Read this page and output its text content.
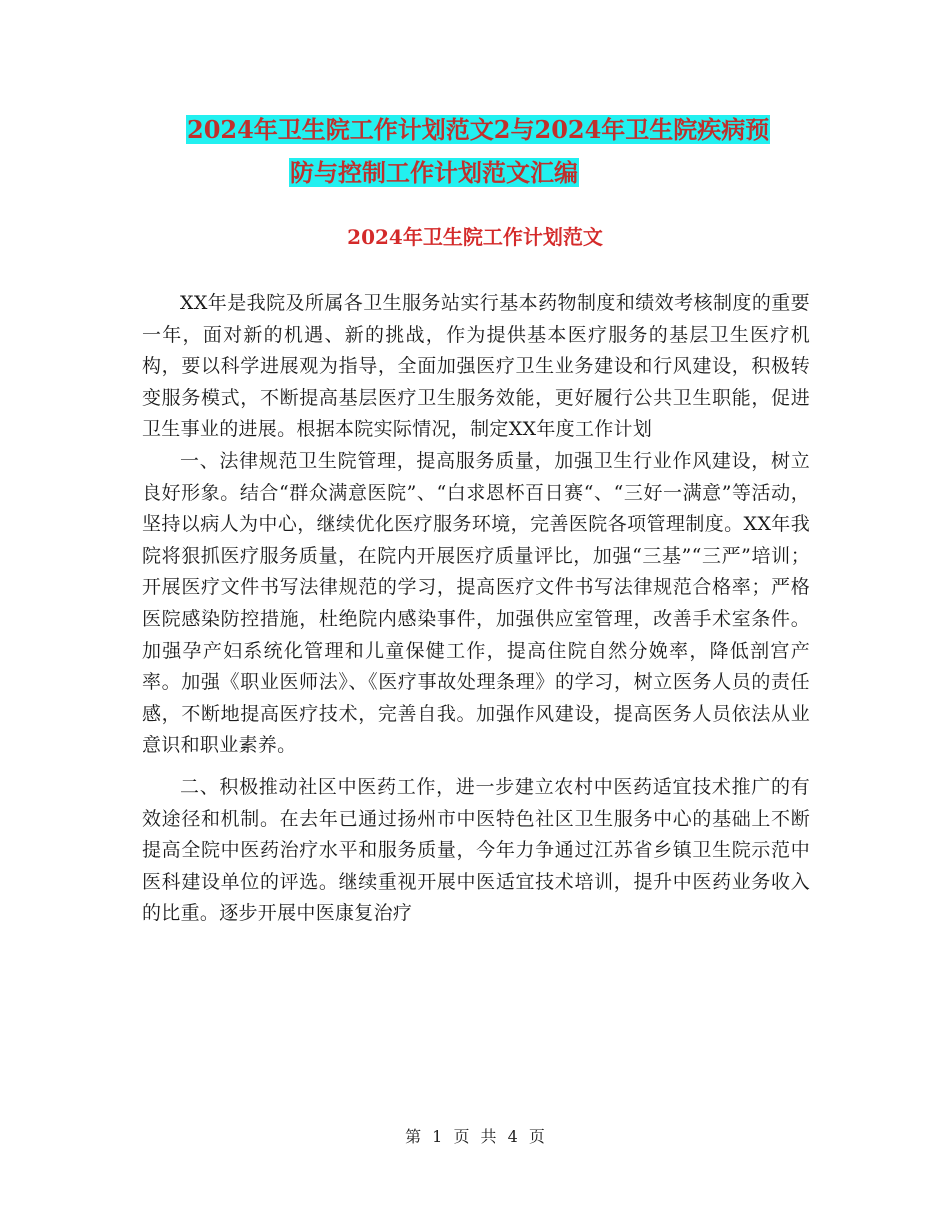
2024年卫生院工作计划范文2与2024年卫生院疾病预
防与控制工作计划范文汇编
2024年卫生院工作计划范文

XX年是我院及所属各卫生服务站实行基本药物制度和绩效考核制度的重要一年，面对新的机遇、新的挑战，作为提供基本医疗服务的基层卫生医疗机构，要以科学进展观为指导，全面加强医疗卫生业务建设和行风建设，积极转变服务模式，不断提高基层医疗卫生服务效能，更好履行公共卫生职能，促进卫生事业的进展。根据本院实际情况，制定XX年度工作计划

一、法律规范卫生院管理，提高服务质量，加强卫生行业作风建设，树立良好形象。结合“群众满意医院”、“白求恩杯百日赛“、“三好一满意”等活动，坚持以病人为中心，继续优化医疗服务环境，完善医院各项管理制度。XX年我院将狠抓医疗服务质量，在院内开展医疗质量评比，加强“三基”“三严”培训；开展医疗文件书写法律规范的学习，提高医疗文件书写法律规范合格率；严格医院感染防控措施，杜绝院内感染事件，加强供应室管理，改善手术室条件。加强孕产妇系统化管理和儿童保健工作，提高住院自然分娩率，降低剖宫产率。加强《职业医师法》、《医疗事故处理条理》的学习，树立医务人员的责任感，不断地提高医疗技术，完善自我。加强作风建设，提高医务人员依法从业意识和职业素养。

二、积极推动社区中医药工作，进一步建立农村中医药适宜技术推广的有效途径和机制。在去年已通过扬州市中医特色社区卫生服务中心的基础上不断提高全院中医药治疗水平和服务质量，今年力争通过江苏省乡镇卫生院示范中医科建设单位的评选。继续重视开展中医适宜技术培训，提升中医药业务收入的比重。逐步开展中医康复治疗

第 1 页 共 4 页
